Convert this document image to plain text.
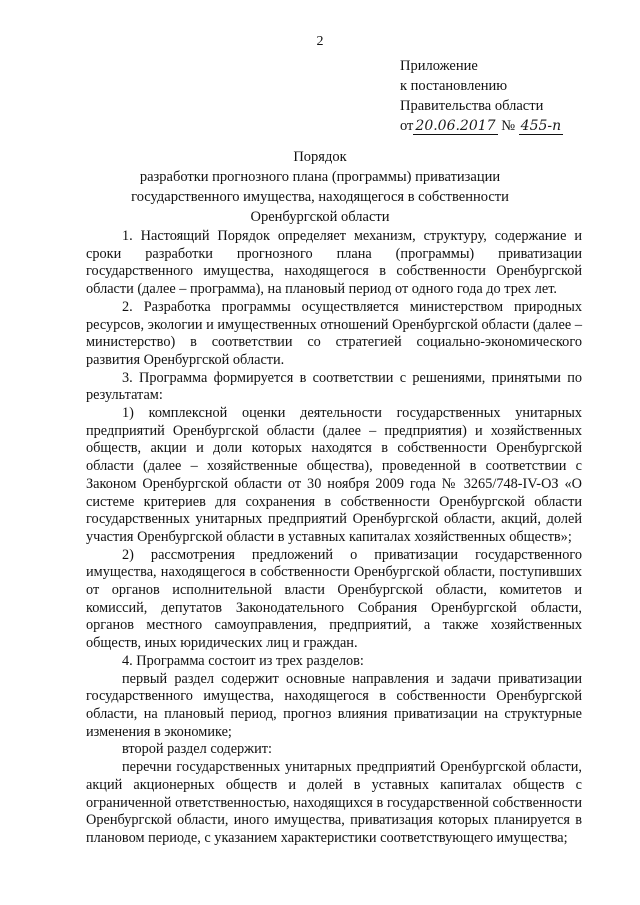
2
Приложение
к постановлению
Правительства области
от 20.06.2017 № 455-п
Порядок
разработки прогнозного плана (программы) приватизации
государственного имущества, находящегося в собственности
Оренбургской области

1. Настоящий Порядок определяет механизм, структуру, содержание и сроки разработки прогнозного плана (программы) приватизации государственного имущества, находящегося в собственности Оренбургской области (далее – программа), на плановый период от одного года до трех лет.

2. Разработка программы осуществляется министерством природных ресурсов, экологии и имущественных отношений Оренбургской области (далее – министерство) в соответствии со стратегией социально-экономического развития Оренбургской области.

3. Программа формируется в соответствии с решениями, принятыми по результатам:

1) комплексной оценки деятельности государственных унитарных предприятий Оренбургской области (далее – предприятия) и хозяйственных обществ, акции и доли которых находятся в собственности Оренбургской области (далее – хозяйственные общества), проведенной в соответствии с Законом Оренбургской области от 30 ноября 2009 года № 3265/748-IV-ОЗ «О системе критериев для сохранения в собственности Оренбургской области государственных унитарных предприятий Оренбургской области, акций, долей участия Оренбургской области в уставных капиталах хозяйственных обществ»;

2) рассмотрения предложений о приватизации государственного имущества, находящегося в собственности Оренбургской области, поступивших от органов исполнительной власти Оренбургской области, комитетов и комиссий, депутатов Законодательного Собрания Оренбургской области, органов местного самоуправления, предприятий, а также хозяйственных обществ, иных юридических лиц и граждан.

4. Программа состоит из трех разделов:

первый раздел содержит основные направления и задачи приватизации государственного имущества, находящегося в собственности Оренбургской области, на плановый период, прогноз влияния приватизации на структурные изменения в экономике;

второй раздел содержит:

перечни государственных унитарных предприятий Оренбургской области, акций акционерных обществ и долей в уставных капиталах обществ с ограниченной ответственностью, находящихся в государственной собственности Оренбургской области, иного имущества, приватизация которых планируется в плановом периоде, с указанием характеристики соответствующего имущества;
